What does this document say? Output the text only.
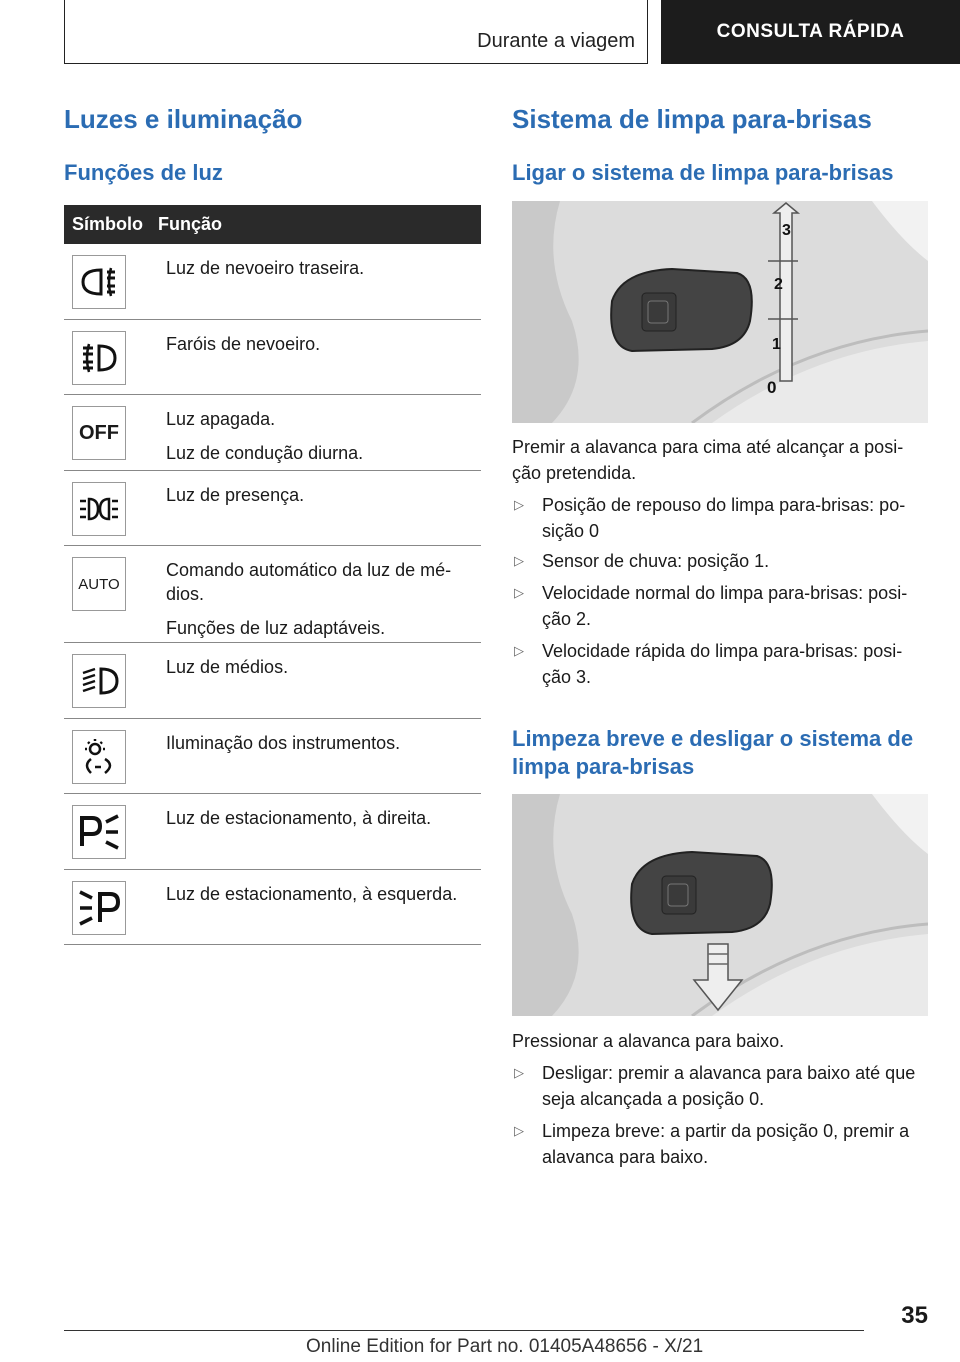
Durante a viagem	CONSULTA RÁPIDA
Luzes e iluminação
Funções de luz
Símbolo Função

Luz de nevoeiro traseira.

Faróis de nevoeiro.

OFF

Luz apagada.

Luz de condução diurna.

Luz de presença.

AUTO

Comando automático da luz de mé-dios.

Funções de luz adaptáveis.

Luz de médios.

Iluminação dos instrumentos.

Luz de estacionamento, à direita.

Luz de estacionamento, à esquerda.

Sistema de limpa para-brisas
Ligar o sistema de limpa para-brisas
3
2
1
0
Premir a alavanca para cima até alcançar a posi-ção pretendida.
▷ Posição de repouso do limpa para-brisas: po-sição 0
▷ Sensor de chuva: posição 1.
▷ Velocidade normal do limpa para-brisas: posi-ção 2.
▷ Velocidade rápida do limpa para-brisas: posi-ção 3.
Limpeza breve e desligar o sistema de limpa para-brisas
Pressionar a alavanca para baixo.
▷ Desligar: premir a alavanca para baixo até que seja alcançada a posição 0.
▷ Limpeza breve: a partir da posição 0, premir a alavanca para baixo.
35
Online Edition for Part no. 01405A48656 - X/21
